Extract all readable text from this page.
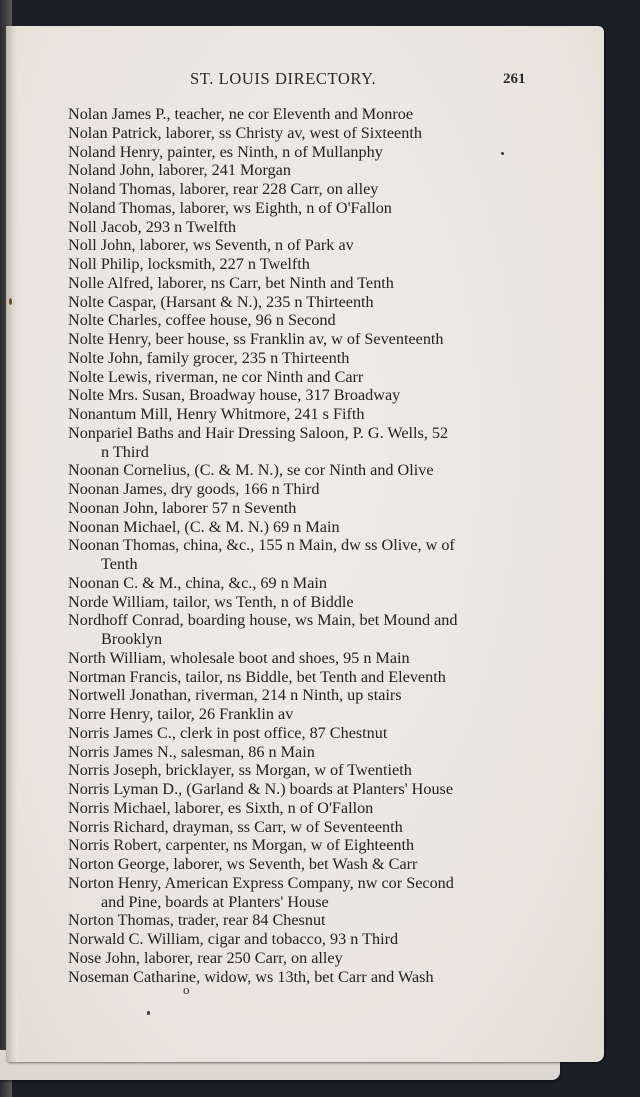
ST. LOUIS DIRECTORY.	261
Nolan James P., teacher, ne cor Eleventh and Monroe
Nolan Patrick, laborer, ss Christy av, west of Sixteenth
Noland Henry, painter, es Ninth, n of Mullanphy
Noland John, laborer, 241 Morgan
Noland Thomas, laborer, rear 228 Carr, on alley
Noland Thomas, laborer, ws Eighth, n of O'Fallon
Noll Jacob, 293 n Twelfth
Noll John, laborer, ws Seventh, n of Park av
Noll Philip, locksmith, 227 n Twelfth
Nolle Alfred, laborer, ns Carr, bet Ninth and Tenth
Nolte Caspar, (Harsant & N.), 235 n Thirteenth
Nolte Charles, coffee house, 96 n Second
Nolte Henry, beer house, ss Franklin av, w of Seventeenth
Nolte John, family grocer, 235 n Thirteenth
Nolte Lewis, riverman, ne cor Ninth and Carr
Nolte Mrs. Susan, Broadway house, 317 Broadway
Nonantum Mill, Henry Whitmore, 241 s Fifth
Nonpariel Baths and Hair Dressing Saloon, P. G. Wells, 52
n Third
Noonan Cornelius, (C. & M. N.), se cor Ninth and Olive
Noonan James, dry goods, 166 n Third
Noonan John, laborer 57 n Seventh
Noonan Michael, (C. & M. N.) 69 n Main
Noonan Thomas, china, &c., 155 n Main, dw ss Olive, w of
Tenth
Noonan C. & M., china, &c., 69 n Main
Norde William, tailor, ws Tenth, n of Biddle
Nordhoff Conrad, boarding house, ws Main, bet Mound and
Brooklyn
North William, wholesale boot and shoes, 95 n Main
Nortman Francis, tailor, ns Biddle, bet Tenth and Eleventh
Nortwell Jonathan, riverman, 214 n Ninth, up stairs
Norre Henry, tailor, 26 Franklin av
Norris James C., clerk in post office, 87 Chestnut
Norris James N., salesman, 86 n Main
Norris Joseph, bricklayer, ss Morgan, w of Twentieth
Norris Lyman D., (Garland & N.) boards at Planters' House
Norris Michael, laborer, es Sixth, n of O'Fallon
Norris Richard, drayman, ss Carr, w of Seventeenth
Norris Robert, carpenter, ns Morgan, w of Eighteenth
Norton George, laborer, ws Seventh, bet Wash & Carr
Norton Henry, American Express Company, nw cor Second
and Pine, boards at Planters' House
Norton Thomas, trader, rear 84 Chesnut
Norwald C. William, cigar and tobacco, 93 n Third
Nose John, laborer, rear 250 Carr, on alley
Noseman Catharine, widow, ws 13th, bet Carr and Wash
o
